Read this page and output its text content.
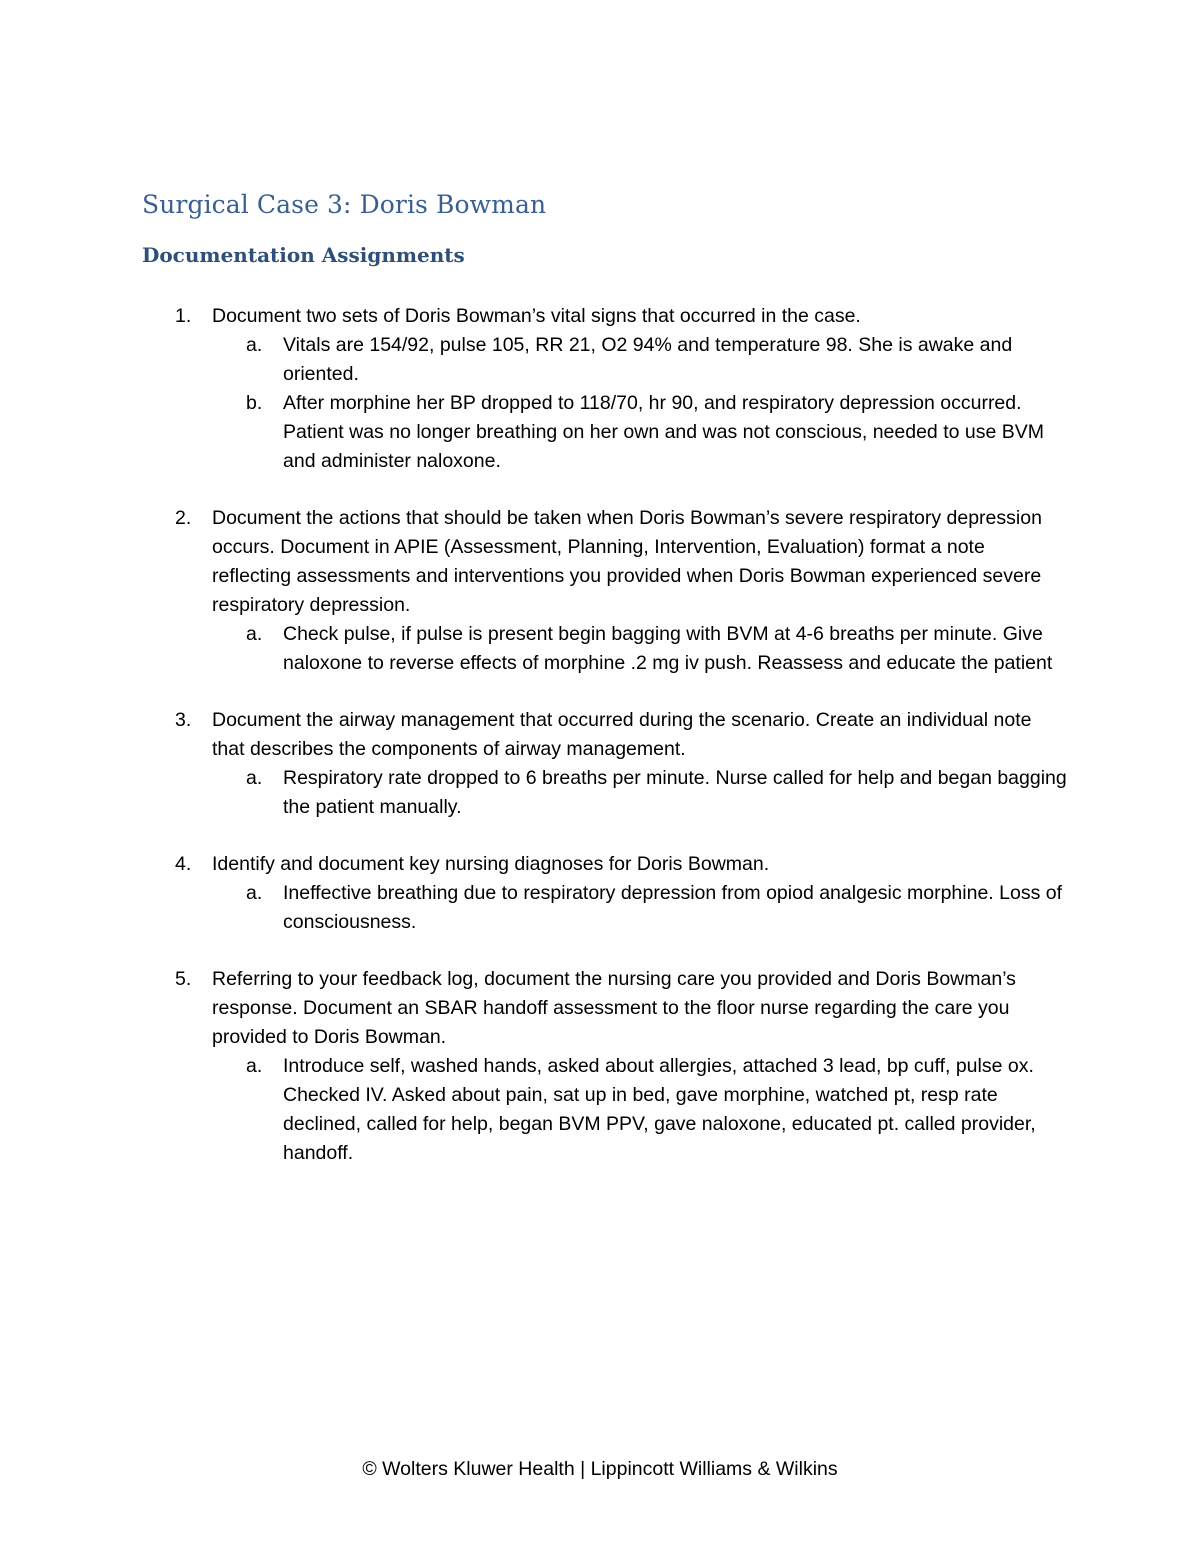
Surgical Case 3: Doris Bowman
Documentation Assignments
1. Document two sets of Doris Bowman’s vital signs that occurred in the case.
a. Vitals are 154/92, pulse 105, RR 21, O2 94% and temperature 98. She is awake and oriented.
b. After morphine her BP dropped to 118/70, hr 90, and respiratory depression occurred. Patient was no longer breathing on her own and was not conscious, needed to use BVM and administer naloxone.
2. Document the actions that should be taken when Doris Bowman’s severe respiratory depression occurs. Document in APIE (Assessment, Planning, Intervention, Evaluation) format a note reflecting assessments and interventions you provided when Doris Bowman experienced severe respiratory depression.
a. Check pulse, if pulse is present begin bagging with BVM at 4-6 breaths per minute. Give naloxone to reverse effects of morphine .2 mg iv push. Reassess and educate the patient
3. Document the airway management that occurred during the scenario. Create an individual note that describes the components of airway management.
a. Respiratory rate dropped to 6 breaths per minute. Nurse called for help and began bagging the patient manually.
4. Identify and document key nursing diagnoses for Doris Bowman.
a. Ineffective breathing due to respiratory depression from opiod analgesic morphine. Loss of consciousness.
5. Referring to your feedback log, document the nursing care you provided and Doris Bowman’s response. Document an SBAR handoff assessment to the floor nurse regarding the care you provided to Doris Bowman.
a. Introduce self, washed hands, asked about allergies, attached 3 lead, bp cuff, pulse ox. Checked IV. Asked about pain, sat up in bed, gave morphine, watched pt, resp rate declined, called for help, began BVM PPV, gave naloxone, educated pt. called provider, handoff.
© Wolters Kluwer Health | Lippincott Williams & Wilkins
